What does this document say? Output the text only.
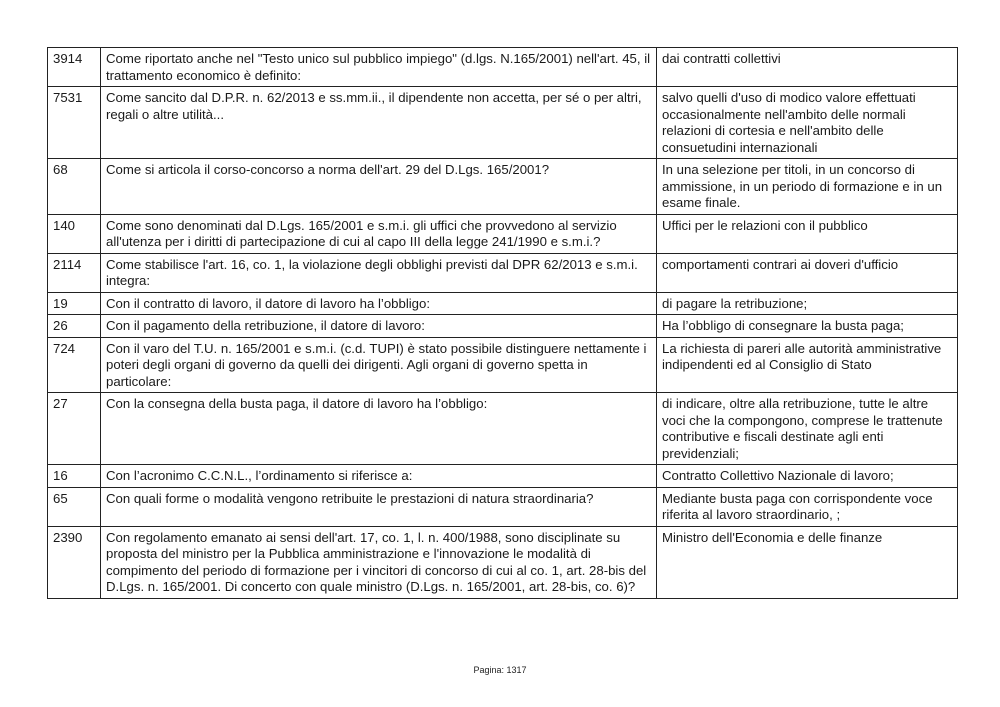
3914	Come riportato anche nel "Testo unico sul pubblico impiego" (d.lgs. N.165/2001) nell'art. 45, il trattamento economico è definito:	dai contratti collettivi
7531	Come sancito dal D.P.R. n. 62/2013 e ss.mm.ii., il dipendente non accetta, per sé o per altri, regali o altre utilità...	salvo quelli d'uso di modico valore effettuati occasionalmente nell'ambito delle normali relazioni di cortesia e nell'ambito delle consuetudini internazionali
68	Come si articola il corso-concorso a norma dell'art. 29 del D.Lgs. 165/2001?	In una selezione per titoli, in un concorso di ammissione, in un periodo di formazione e in un esame finale.
140	Come sono denominati dal D.Lgs. 165/2001 e s.m.i. gli uffici che provvedono al servizio all'utenza per i diritti di partecipazione di cui al capo III della legge 241/1990 e s.m.i.?	Uffici per le relazioni con il pubblico
2114	Come stabilisce l'art. 16, co. 1, la violazione degli obblighi previsti dal DPR 62/2013 e s.m.i. integra:	comportamenti contrari ai doveri d'ufficio
19	Con il contratto di lavoro, il datore di lavoro ha l’obbligo:	di pagare la retribuzione;
26	Con il pagamento della retribuzione, il datore di lavoro:	Ha l’obbligo di consegnare la busta paga;
724	Con il varo del T.U. n. 165/2001 e s.m.i. (c.d. TUPI) è stato possibile distinguere nettamente i poteri degli organi di governo da quelli dei dirigenti. Agli organi di governo spetta in particolare:	La richiesta di pareri alle autorità amministrative indipendenti ed al Consiglio di Stato
27	Con la consegna della busta paga, il datore di lavoro ha l’obbligo:	di indicare, oltre alla retribuzione, tutte le altre voci che la compongono, comprese le trattenute contributive e fiscali destinate agli enti previdenziali;
16	Con l’acronimo C.C.N.L., l’ordinamento si riferisce a:	Contratto Collettivo Nazionale di lavoro;
65	Con quali forme o modalità vengono retribuite le prestazioni di natura straordinaria?	Mediante busta paga con corrispondente voce riferita al lavoro straordinario, ;
2390	Con regolamento emanato ai sensi dell'art. 17, co. 1, l. n. 400/1988, sono disciplinate su proposta del ministro per la Pubblica amministrazione e l'innovazione le modalità di compimento del periodo di formazione per i vincitori di concorso di cui al co. 1, art. 28-bis del D.Lgs. n. 165/2001. Di concerto con quale ministro (D.Lgs. n. 165/2001, art. 28-bis, co. 6)?	Ministro dell'Economia e delle finanze
Pagina: 1317
